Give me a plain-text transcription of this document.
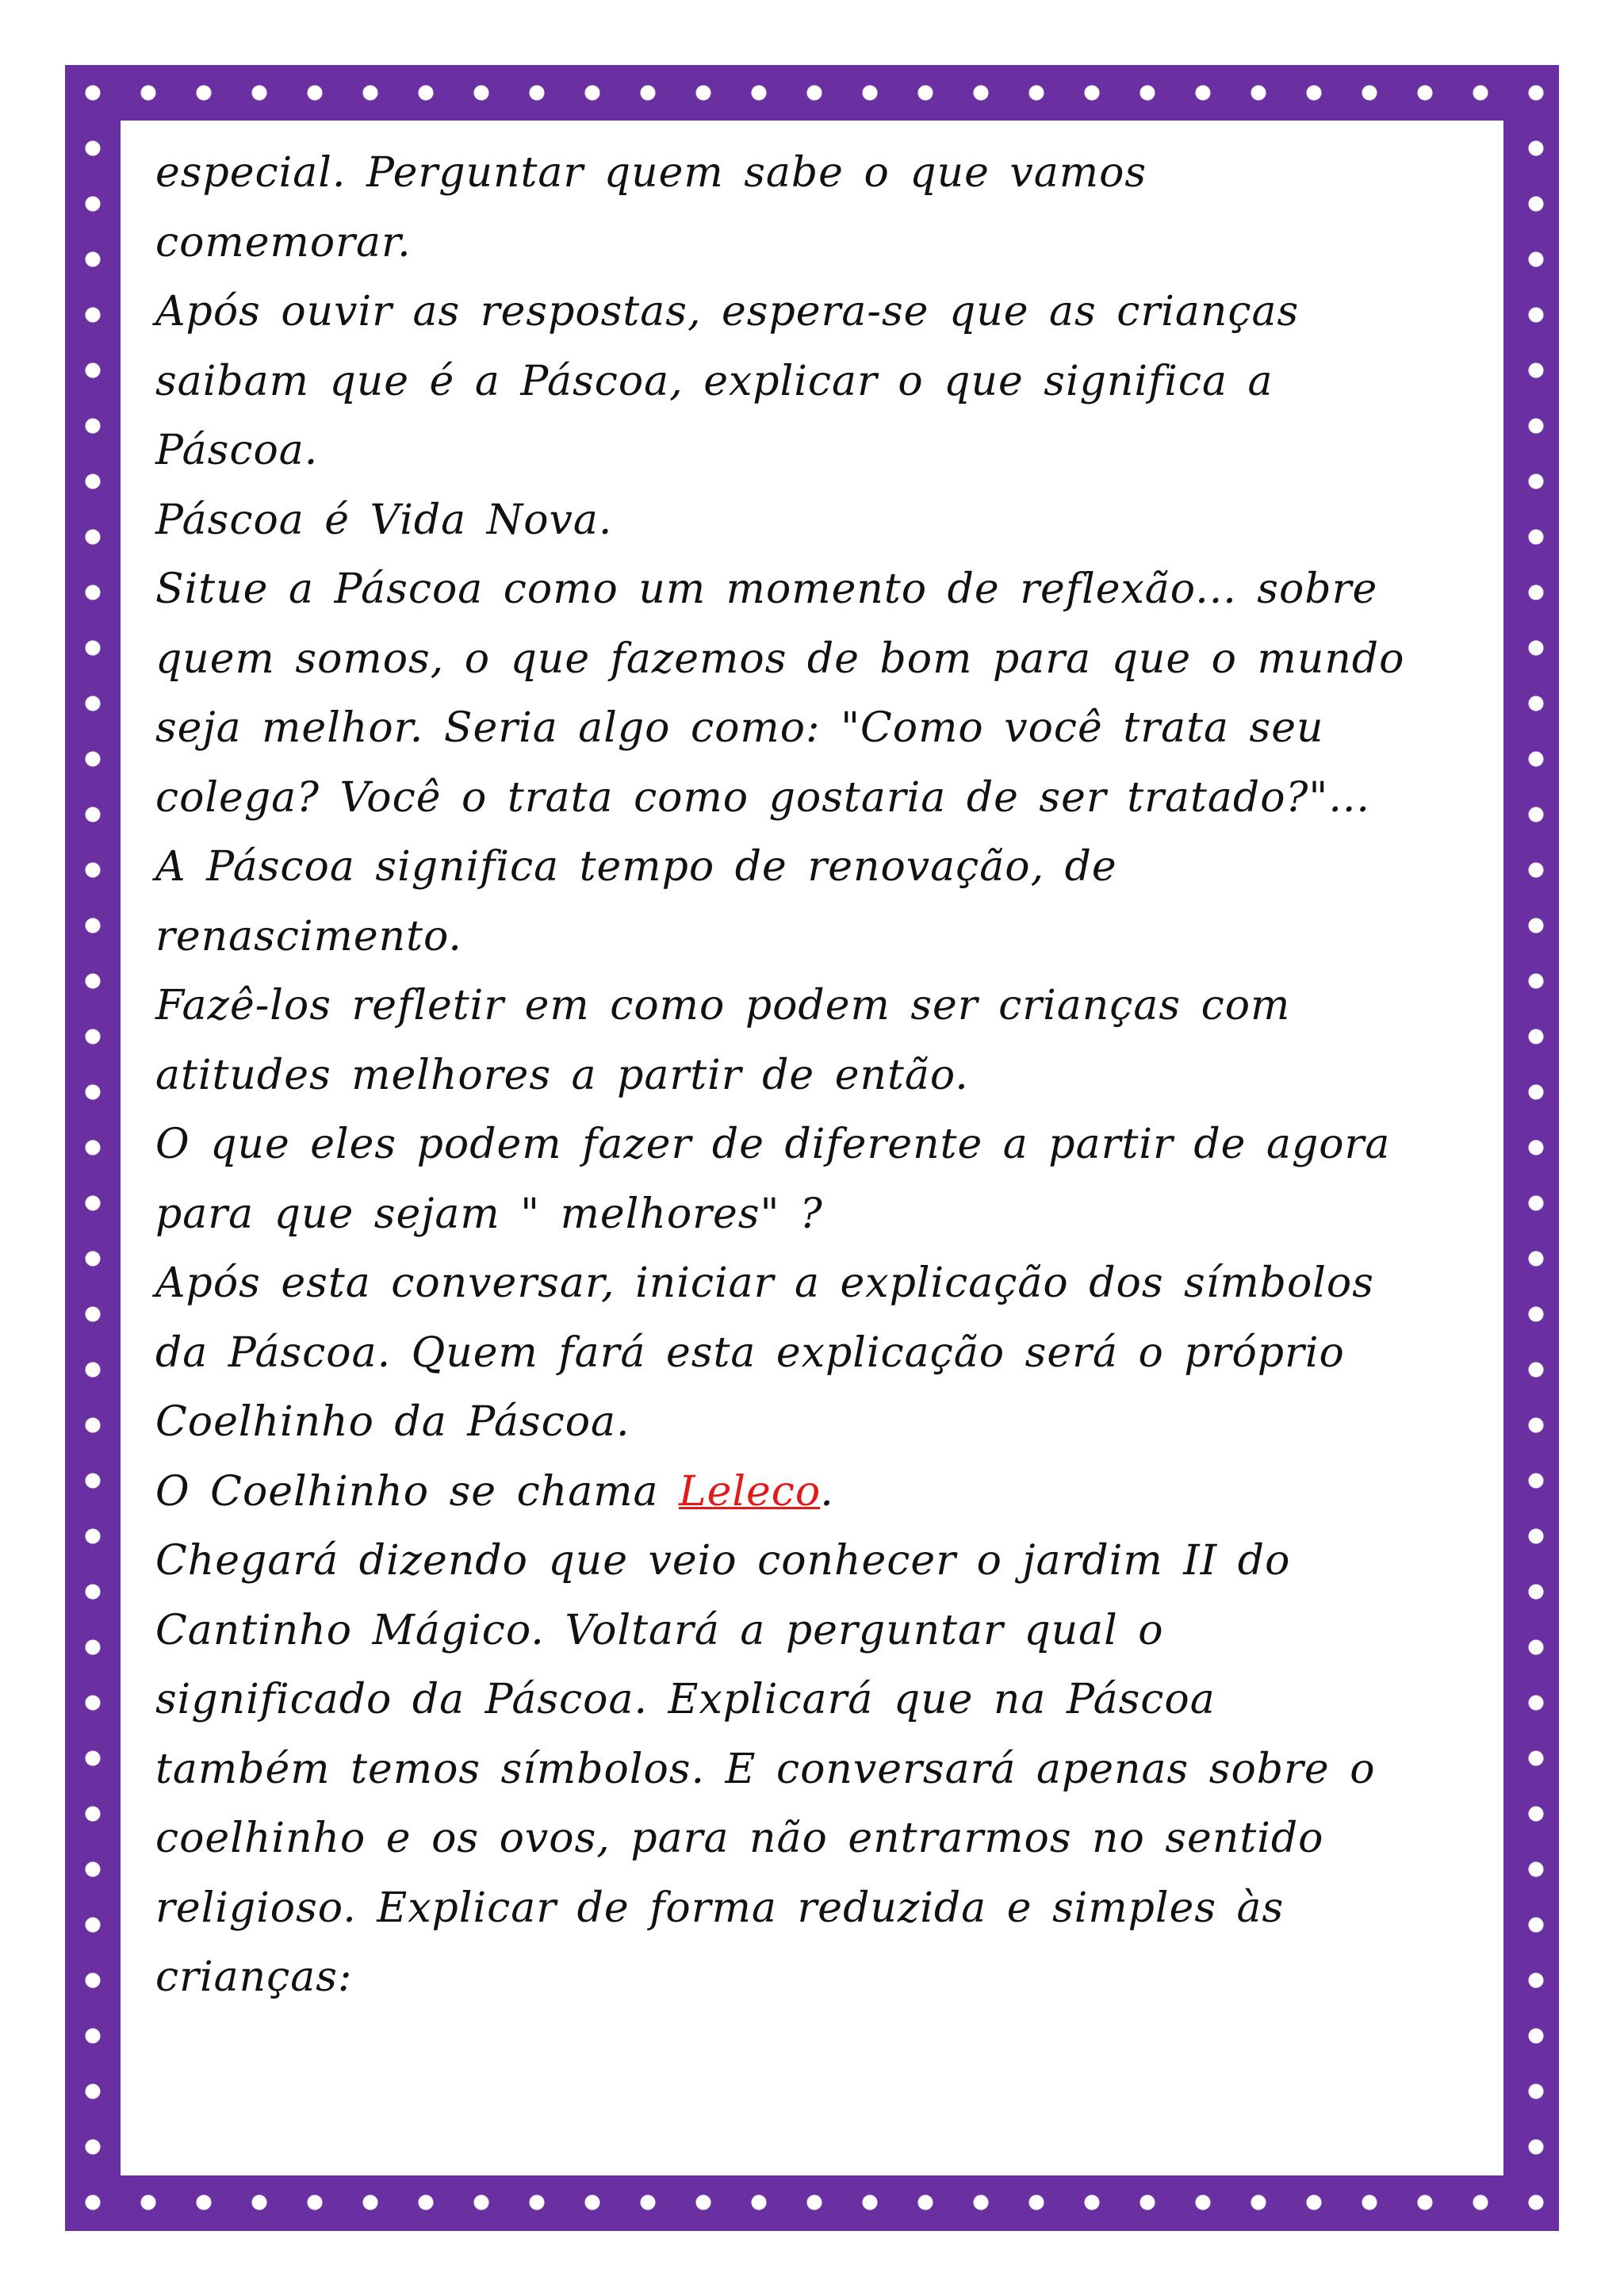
especial. Perguntar quem sabe o que vamos
comemorar.
Após ouvir as respostas, espera-se que as crianças
saibam que é a Páscoa, explicar o que significa a
Páscoa.
Páscoa é Vida Nova.
Situe a Páscoa como um momento de reflexão... sobre
quem somos, o que fazemos de bom para que o mundo
seja melhor. Seria algo como: "Como você trata seu
colega? Você o trata como gostaria de ser tratado?"...
A Páscoa significa tempo de renovação, de
renascimento.
Fazê-los refletir em como podem ser crianças com
atitudes melhores a partir de então.
O que eles podem fazer de diferente a partir de agora
para que sejam " melhores" ?
Após esta conversar, iniciar a explicação dos símbolos
da Páscoa. Quem fará esta explicação será o próprio
Coelhinho da Páscoa.
O Coelhinho se chama Leleco.
Chegará dizendo que veio conhecer o jardim II do
Cantinho Mágico. Voltará a perguntar qual o
significado da Páscoa. Explicará que na Páscoa
também temos símbolos. E conversará apenas sobre o
coelhinho e os ovos, para não entrarmos no sentido
religioso. Explicar de forma reduzida e simples às
crianças:
